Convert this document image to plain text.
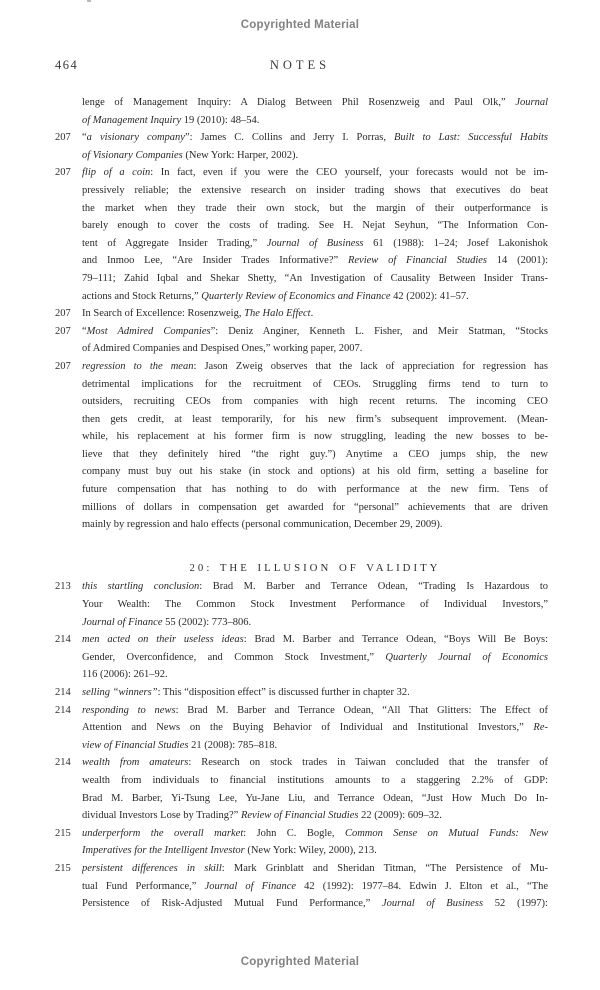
Copyrighted Material
464	NOTES
lenge of Management Inquiry: A Dialog Between Phil Rosenzweig and Paul Olk,” Journal
of Management Inquiry 19 (2010): 48–54.
207 “a visionary company”: James C. Collins and Jerry I. Porras, Built to Last: Successful Habits
of Visionary Companies (New York: Harper, 2002).
207 flip of a coin: In fact, even if you were the CEO yourself, your forecasts would not be im-
pressively reliable; the extensive research on insider trading shows that executives do beat
the market when they trade their own stock, but the margin of their outperformance is
barely enough to cover the costs of trading. See H. Nejat Seyhun, “The Information Con-
tent of Aggregate Insider Trading,” Journal of Business 61 (1988): 1–24; Josef Lakonishok
and Inmoo Lee, “Are Insider Trades Informative?” Review of Financial Studies 14 (2001):
79–111; Zahid Iqbal and Shekar Shetty, “An Investigation of Causality Between Insider Trans-
actions and Stock Returns,” Quarterly Review of Economics and Finance 42 (2002): 41–57.
207 In Search of Excellence: Rosenzweig, The Halo Effect.
207 “Most Admired Companies”: Deniz Anginer, Kenneth L. Fisher, and Meir Statman, “Stocks
of Admired Companies and Despised Ones,” working paper, 2007.
207 regression to the mean: Jason Zweig observes that the lack of appreciation for regression has
detrimental implications for the recruitment of CEOs. Struggling firms tend to turn to
outsiders, recruiting CEOs from companies with high recent returns. The incoming CEO
then gets credit, at least temporarily, for his new firm’s subsequent improvement. (Mean-
while, his replacement at his former firm is now struggling, leading the new bosses to be-
lieve that they definitely hired “the right guy.”) Anytime a CEO jumps ship, the new
company must buy out his stake (in stock and options) at his old firm, setting a baseline for
future compensation that has nothing to do with performance at the new firm. Tens of
millions of dollars in compensation get awarded for “personal” achievements that are driven
mainly by regression and halo effects (personal communication, December 29, 2009).
20: THE ILLUSION OF VALIDITY
213 this startling conclusion: Brad M. Barber and Terrance Odean, “Trading Is Hazardous to
Your Wealth: The Common Stock Investment Performance of Individual Investors,”
Journal of Finance 55 (2002): 773–806.
214 men acted on their useless ideas: Brad M. Barber and Terrance Odean, “Boys Will Be Boys:
Gender, Overconfidence, and Common Stock Investment,” Quarterly Journal of Economics
116 (2006): 261–92.
214 selling “winners”: This “disposition effect” is discussed further in chapter 32.
214 responding to news: Brad M. Barber and Terrance Odean, “All That Glitters: The Effect of
Attention and News on the Buying Behavior of Individual and Institutional Investors,” Re-
view of Financial Studies 21 (2008): 785–818.
214 wealth from amateurs: Research on stock trades in Taiwan concluded that the transfer of
wealth from individuals to financial institutions amounts to a staggering 2.2% of GDP:
Brad M. Barber, Yi-Tsung Lee, Yu-Jane Liu, and Terrance Odean, “Just How Much Do In-
dividual Investors Lose by Trading?” Review of Financial Studies 22 (2009): 609–32.
215 underperform the overall market: John C. Bogle, Common Sense on Mutual Funds: New
Imperatives for the Intelligent Investor (New York: Wiley, 2000), 213.
215 persistent differences in skill: Mark Grinblatt and Sheridan Titman, “The Persistence of Mu-
tual Fund Performance,” Journal of Finance 42 (1992): 1977–84. Edwin J. Elton et al., “The
Persistence of Risk-Adjusted Mutual Fund Performance,” Journal of Business 52 (1997):
Copyrighted Material
